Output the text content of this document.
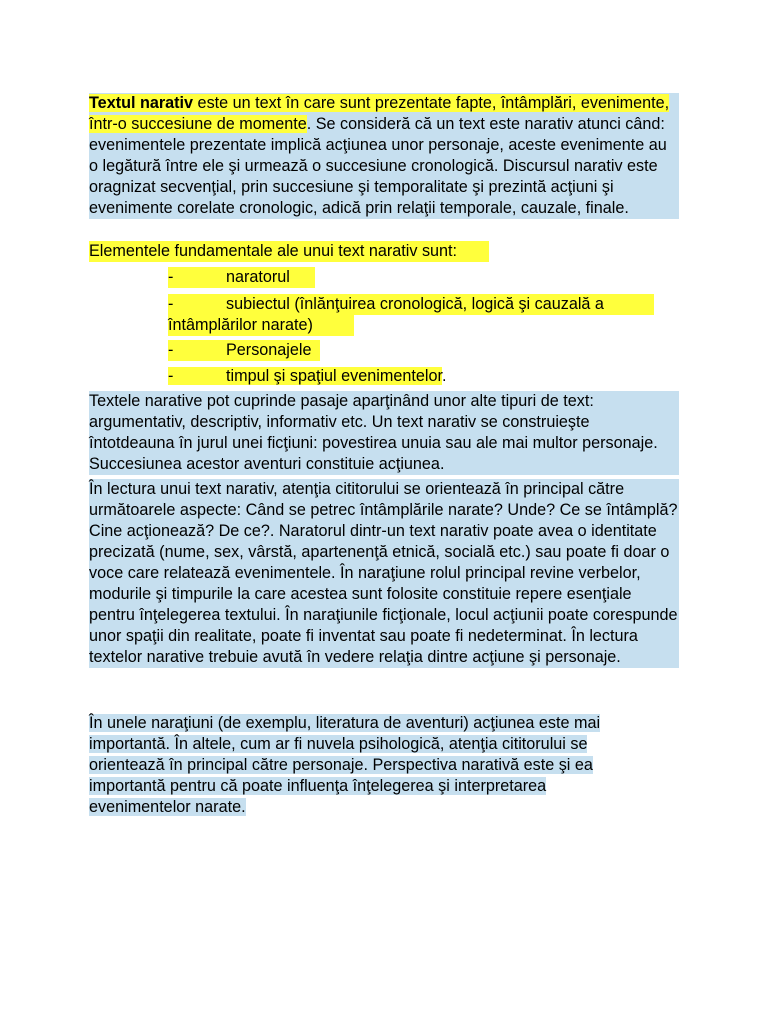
Textul narativ este un text în care sunt prezentate fapte, întâmplări, evenimente, într-o succesiune de momente. Se consideră că un text este narativ atunci când: evenimentele prezentate implică acţiunea unor personaje, aceste evenimente au o legătură între ele şi urmează o succesiune cronologică. Discursul narativ este oragnizat secvenţial, prin succesiune şi temporalitate şi prezintă acţiuni şi evenimente corelate cronologic, adică prin relaţii temporale, cauzale, finale.

Elementele fundamentale ale unui text narativ sunt:
-	naratorul
-	subiectul (înlănţuirea cronologică, logică şi cauzală a
întâmplărilor narate)
-	Personajele
-	timpul şi spaţiul evenimentelor.

Textele narative pot cuprinde pasaje aparţinând unor alte tipuri de text: argumentativ, descriptiv, informativ etc. Un text narativ se construieşte întotdeauna în jurul unei ficţiuni: povestirea unuia sau ale mai multor personaje. Succesiunea acestor aventuri constituie acţiunea.

În lectura unui text narativ, atenţia cititorului se orientează în principal către următoarele aspecte: Când se petrec întâmplările narate? Unde? Ce se întâmplă? Cine acţionează? De ce?. Naratorul dintr-un text narativ poate avea o identitate precizată (nume, sex, vârstă, apartenenţă etnică, socială etc.) sau poate fi doar o voce care relatează evenimentele. În naraţiune rolul principal revine verbelor, modurile şi timpurile la care acestea sunt folosite constituie repere esenţiale pentru înţelegerea textului. În naraţiunile ficţionale, locul acţiunii poate corespunde unor spaţii din realitate, poate fi inventat sau poate fi nedeterminat. În lectura textelor narative trebuie avută în vedere relaţia dintre acţiune şi personaje.

În unele naraţiuni (de exemplu, literatura de aventuri) acţiunea este mai

importantă. În altele, cum ar fi nuvela psihologică, atenţia cititorului se

orientează în principal către personaje. Perspectiva narativă este şi ea

importantă pentru că poate influenţa înţelegerea şi interpretarea

evenimentelor narate.
